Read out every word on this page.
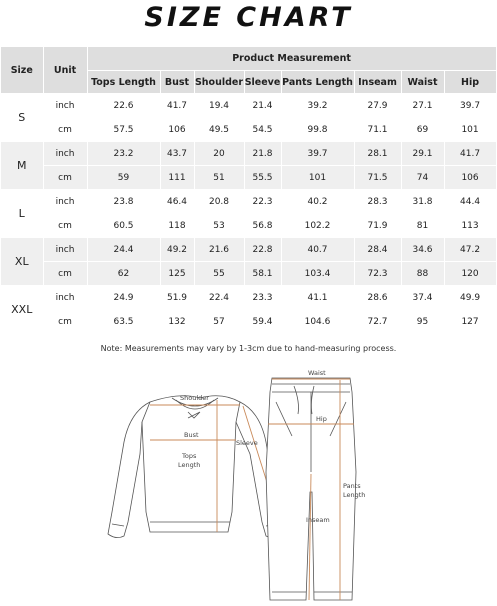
SIZE CHART
Size	Unit	Product Measurement							
		Tops Length	Bust	Shoulder	Sleeve	Pants Length	Inseam	Waist	Hip
S	inch	22.6	41.7	19.4	21.4	39.2	27.9	27.1	39.7
	cm	57.5	106	49.5	54.5	99.8	71.1	69	101
M	inch	23.2	43.7	20	21.8	39.7	28.1	29.1	41.7
	cm	59	111	51	55.5	101	71.5	74	106
L	inch	23.8	46.4	20.8	22.3	40.2	28.3	31.8	44.4
	cm	60.5	118	53	56.8	102.2	71.9	81	113
XL	inch	24.4	49.2	21.6	22.8	40.7	28.4	34.6	47.2
	cm	62	125	55	58.1	103.4	72.3	88	120
XXL	inch	24.9	51.9	22.4	23.3	41.1	28.6	37.4	49.9
	cm	63.5	132	57	59.4	104.6	72.7	95	127
Note: Measurements may vary by 1-3cm due to hand-measuring process.
Shoulder
Bust
Sleeve
Tops
Length
Waist
Hip
Inseam
Pants
Length
